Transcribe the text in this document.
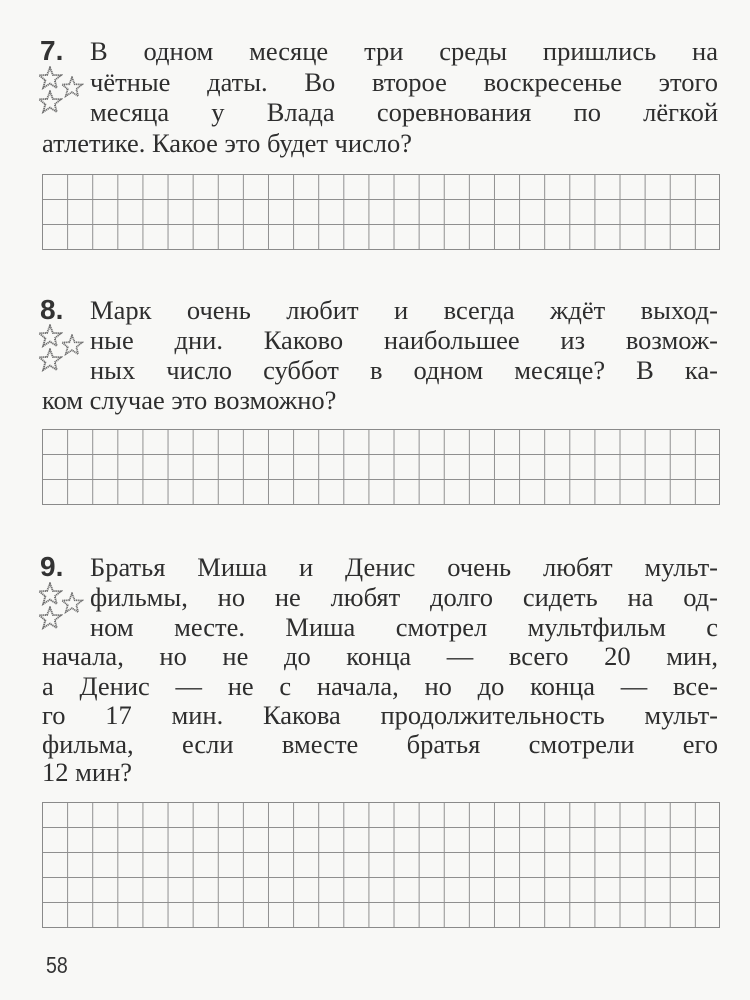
7. В одном месяце три среды пришлись на
чётные даты. Во второе воскресенье этого
месяца у Влада соревнования по лёгкой
атлетике. Какое это будет число?
8. Марк очень любит и всегда ждёт выход-
ные дни. Каково наибольшее из возмож-
ных число суббот в одном месяце? В ка-
ком случае это возможно?
9. Братья Миша и Денис очень любят мульт-
фильмы, но не любят долго сидеть на од-
ном месте. Миша смотрел мультфильм с
начала, но не до конца — всего 20 мин,
а Денис — не с начала, но до конца — все-
го 17 мин. Какова продолжительность мульт-
фильма, если вместе братья смотрели его
12 мин?
58
